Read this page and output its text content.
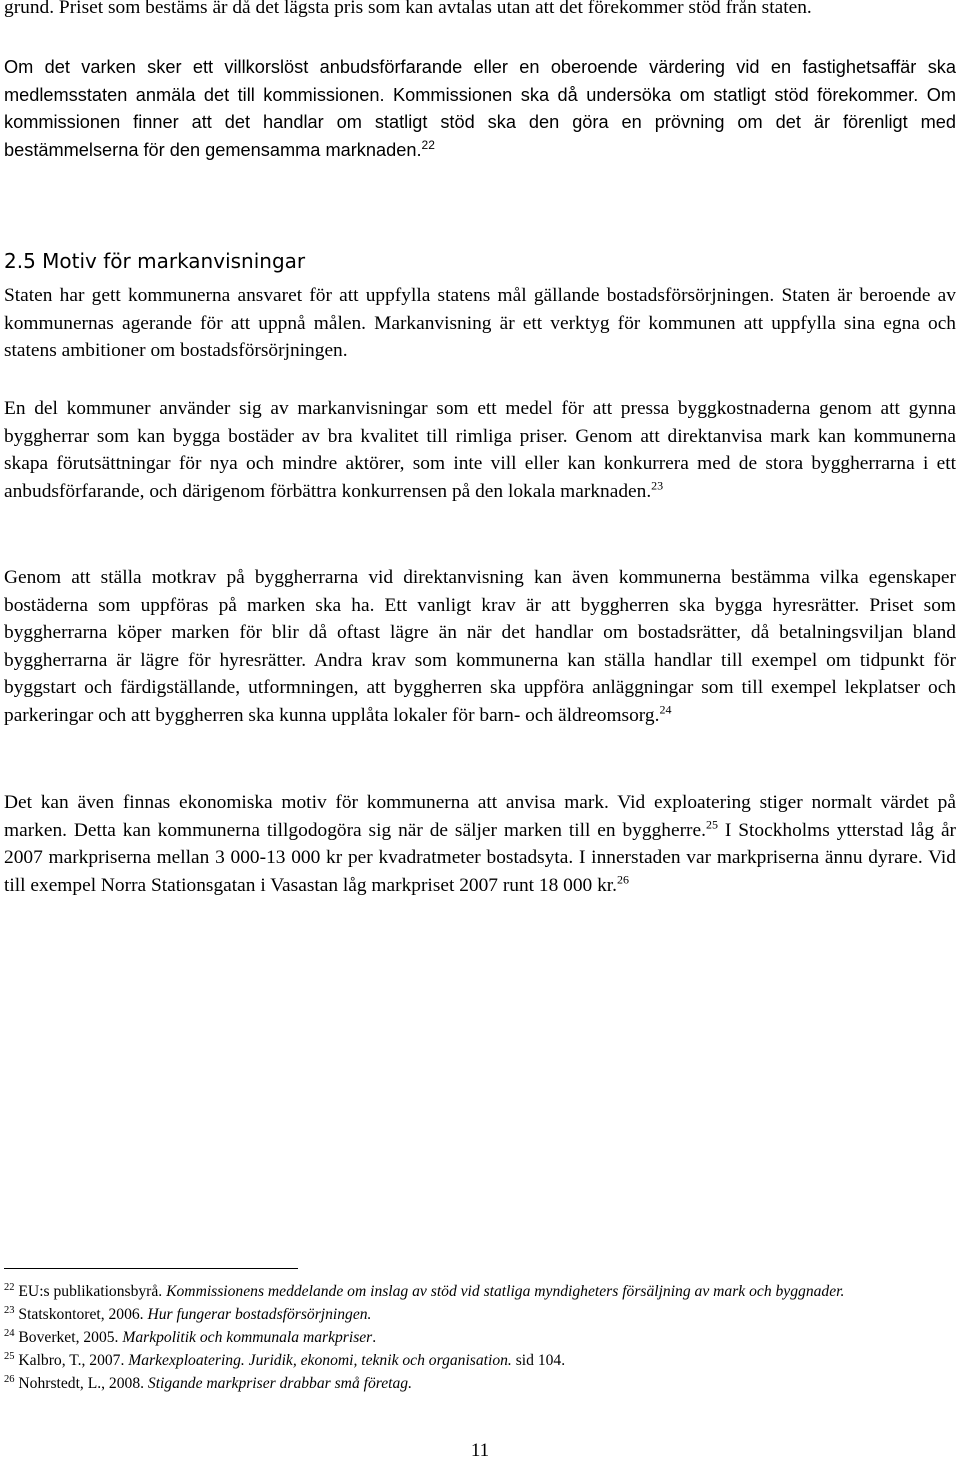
grund. Priset som bestäms är då det lägsta pris som kan avtalas utan att det förekommer stöd från staten.

Om det varken sker ett villkorslöst anbudsförfarande eller en oberoende värdering vid en fastighetsaffär ska medlemsstaten anmäla det till kommissionen. Kommissionen ska då undersöka om statligt stöd förekommer. Om kommissionen finner att det handlar om statligt stöd ska den göra en prövning om det är förenligt med bestämmelserna för den gemensamma marknaden.$^{22}$

2.5 Motiv för markanvisningar

Staten har gett kommunerna ansvaret för att uppfylla statens mål gällande bostadsförsörjningen. Staten är beroende av kommunernas agerande för att uppnå målen. Markanvisning är ett verktyg för kommunen att uppfylla sina egna och statens ambitioner om bostadsförsörjningen.

En del kommuner använder sig av markanvisningar som ett medel för att pressa byggkostnaderna genom att gynna byggherrar som kan bygga bostäder av bra kvalitet till rimliga priser. Genom att direktanvisa mark kan kommunerna skapa förutsättningar för nya och mindre aktörer, som inte vill eller kan konkurrera med de stora byggherrarna i ett anbudsförfarande, och därigenom förbättra konkurrensen på den lokala marknaden.$^{23}$

Genom att ställa motkrav på byggherrarna vid direktanvisning kan även kommunerna bestämma vilka egenskaper bostäderna som uppföras på marken ska ha. Ett vanligt krav är att byggherren ska bygga hyresrätter. Priset som byggherrarna köper marken för blir då oftast lägre än när det handlar om bostadsrätter, då betalningsviljan bland byggherrarna är lägre för hyresrätter. Andra krav som kommunerna kan ställa handlar till exempel om tidpunkt för byggstart och färdigställande, utformningen, att byggherren ska uppföra anläggningar som till exempel lekplatser och parkeringar och att byggherren ska kunna upplåta lokaler för barn- och äldreomsorg.$^{24}$

Det kan även finnas ekonomiska motiv för kommunerna att anvisa mark. Vid exploatering stiger normalt värdet på marken. Detta kan kommunerna tillgodogöra sig när de säljer marken till en byggherre.$^{25}$ I Stockholms ytterstad låg år 2007 markpriserna mellan 3 000-13 000 kr per kvadratmeter bostadsyta. I innerstaden var markpriserna ännu dyrare. Vid till exempel Norra Stationsgatan i Vasastan låg markpriset 2007 runt 18 000 kr.$^{26}$

$^{22}$ EU:s publikationsbyrå. Kommissionens meddelande om inslag av stöd vid statliga myndigheters försäljning av mark och byggnader.

$^{23}$ Statskontoret, 2006. Hur fungerar bostadsförsörjningen.

$^{24}$ Boverket, 2005. Markpolitik och kommunala markpriser.

$^{25}$ Kalbro, T., 2007. Markexploatering. Juridik, ekonomi, teknik och organisation. sid 104.

$^{26}$ Nohrstedt, L., 2008. Stigande markpriser drabbar små företag.

11
